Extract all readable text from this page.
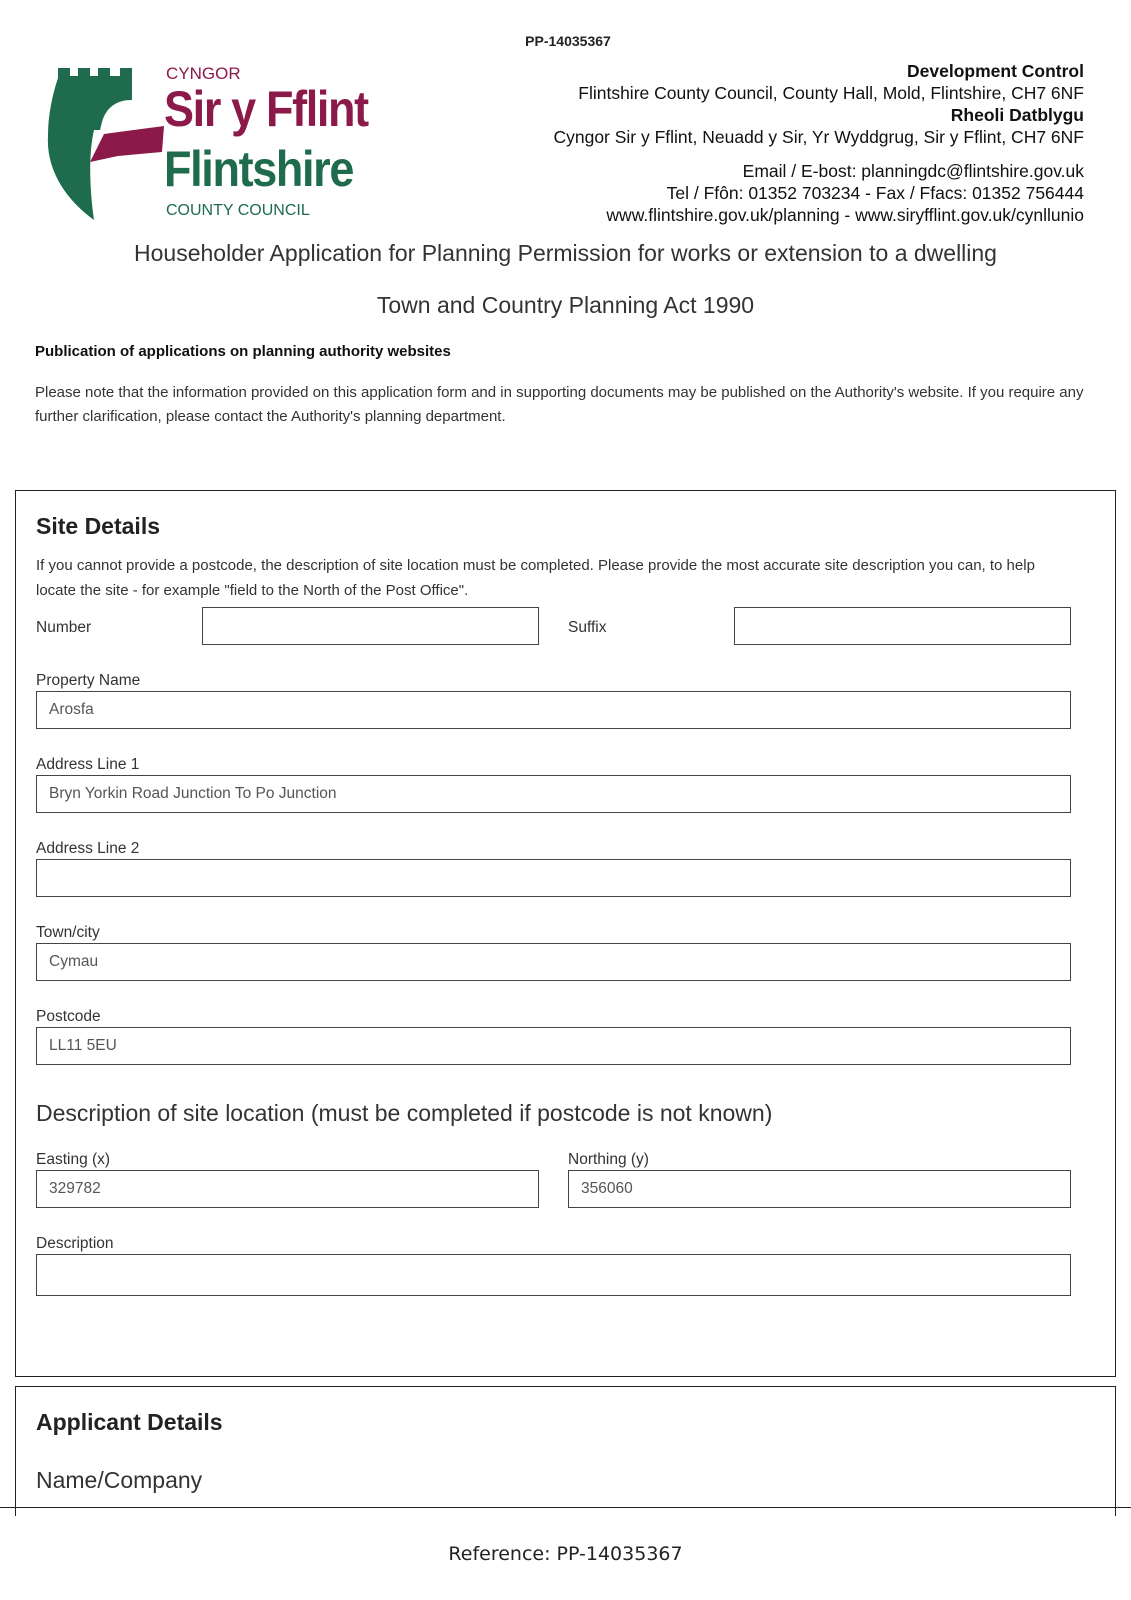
PP-14035367
CYNGOR
Sir y Fflint
Flintshire
COUNTY COUNCIL
Development Control
Flintshire County Council, County Hall, Mold, Flintshire, CH7 6NF
Rheoli Datblygu
Cyngor Sir y Fflint, Neuadd y Sir, Yr Wyddgrug, Sir y Fflint, CH7 6NF
Email / E-bost: planningdc@flintshire.gov.uk
Tel / Ffôn: 01352 703234 - Fax / Ffacs: 01352 756444
www.flintshire.gov.uk/planning - www.siryfflint.gov.uk/cynllunio
Householder Application for Planning Permission for works or extension to a dwelling
Town and Country Planning Act 1990
Publication of applications on planning authority websites
Please note that the information provided on this application form and in supporting documents may be published on the Authority's website. If you require any further clarification, please contact the Authority's planning department.
Site Details
If you cannot provide a postcode, the description of site location must be completed. Please provide the most accurate site description you can, to help locate the site - for example "field to the North of the Post Office".
Number	Suffix
Property Name
Arosfa
Address Line 1
Bryn Yorkin Road Junction To Po Junction
Address Line 2
Town/city
Cymau
Postcode
LL11 5EU
Description of site location (must be completed if postcode is not known)
Easting (x)
329782
Northing (y)
356060
Description
Applicant Details
Name/Company
Reference: PP-14035367
